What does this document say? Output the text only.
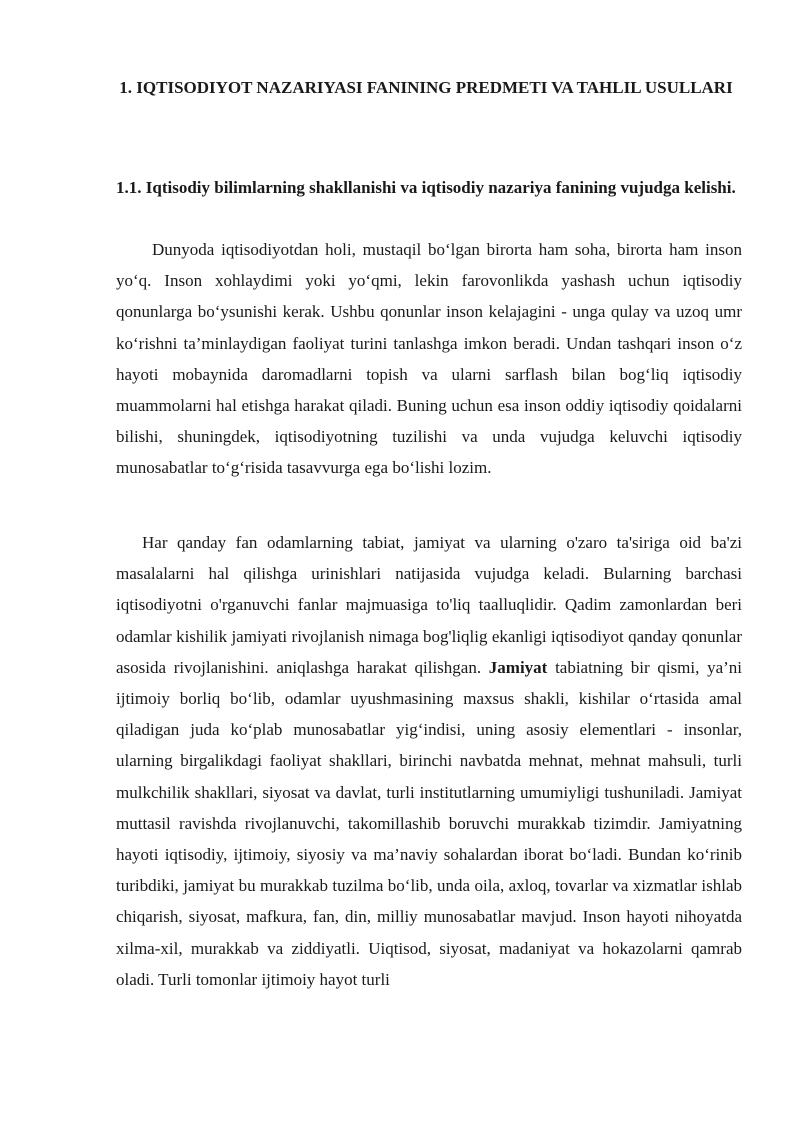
1. IQTISODIYOT NAZARIYASI FANINING PREDMETI VA TAHLIL USULLARI
1.1. Iqtisodiy bilimlarning shakllanishi va iqtisodiy nazariya fanining vujudga kelishi.

Dunyoda iqtisodiyotdan holi, mustaqil bo‘lgan birorta ham soha, birorta ham inson yo‘q. Inson xohlaydimi yoki yo‘qmi, lekin farovonlikda yashash uchun iqtisodiy qonunlarga bo‘ysunishi kerak. Ushbu qonunlar inson kelajagini - unga qulay va uzoq umr ko‘rishni ta’minlaydigan faoliyat turini tanlashga imkon beradi. Undan tashqari inson o‘z hayoti mobaynida daromadlarni topish va ularni sarflash bilan bog‘liq iqtisodiy muammolarni hal etishga harakat qiladi. Buning uchun esa inson oddiy iqtisodiy qoidalarni bilishi, shuningdek, iqtisodiyotning tuzilishi va unda vujudga keluvchi iqtisodiy munosabatlar to‘g‘risida tasavvurga ega bo‘lishi lozim.

Har qanday fan odamlarning tabiat, jamiyat va ularning o'zaro ta'siriga oid ba'zi masalalarni hal qilishga urinishlari natijasida vujudga keladi. Bularning barchasi iqtisodiyotni o'rganuvchi fanlar majmuasiga to'liq taalluqlidir. Qadim zamonlardan beri odamlar kishilik jamiyati rivojlanish nimaga bog'liqlig ekanligi iqtisodiyot qanday qonunlar asosida rivojlanishini. aniqlashga harakat qilishgan. Jamiyat tabiatning bir qismi, ya’ni ijtimoiy borliq bo‘lib, odamlar uyushmasining maxsus shakli, kishilar o‘rtasida amal qiladigan juda ko‘plab munosabatlar yig‘indisi, uning asosiy elementlari - insonlar, ularning birgalikdagi faoliyat shakllari, birinchi navbatda mehnat, mehnat mahsuli, turli mulkchilik shakllari, siyosat va davlat, turli institutlarning umumiyligi tushuniladi. Jamiyat muttasil ravishda rivojlanuvchi, takomillashib boruvchi murakkab tizimdir. Jamiyatning hayoti iqtisodiy, ijtimoiy, siyosiy va ma’naviy sohalardan iborat bo‘ladi. Bundan ko‘rinib turibdiki, jamiyat bu murakkab tuzilma bo‘lib, unda oila, axloq, tovarlar va xizmatlar ishlab chiqarish, siyosat, mafkura, fan, din, milliy munosabatlar mavjud. Inson hayoti nihoyatda xilma-xil, murakkab va ziddiyatli. Uiqtisod, siyosat, madaniyat va hokazolarni qamrab oladi. Turli tomonlar ijtimoiy hayot turli
